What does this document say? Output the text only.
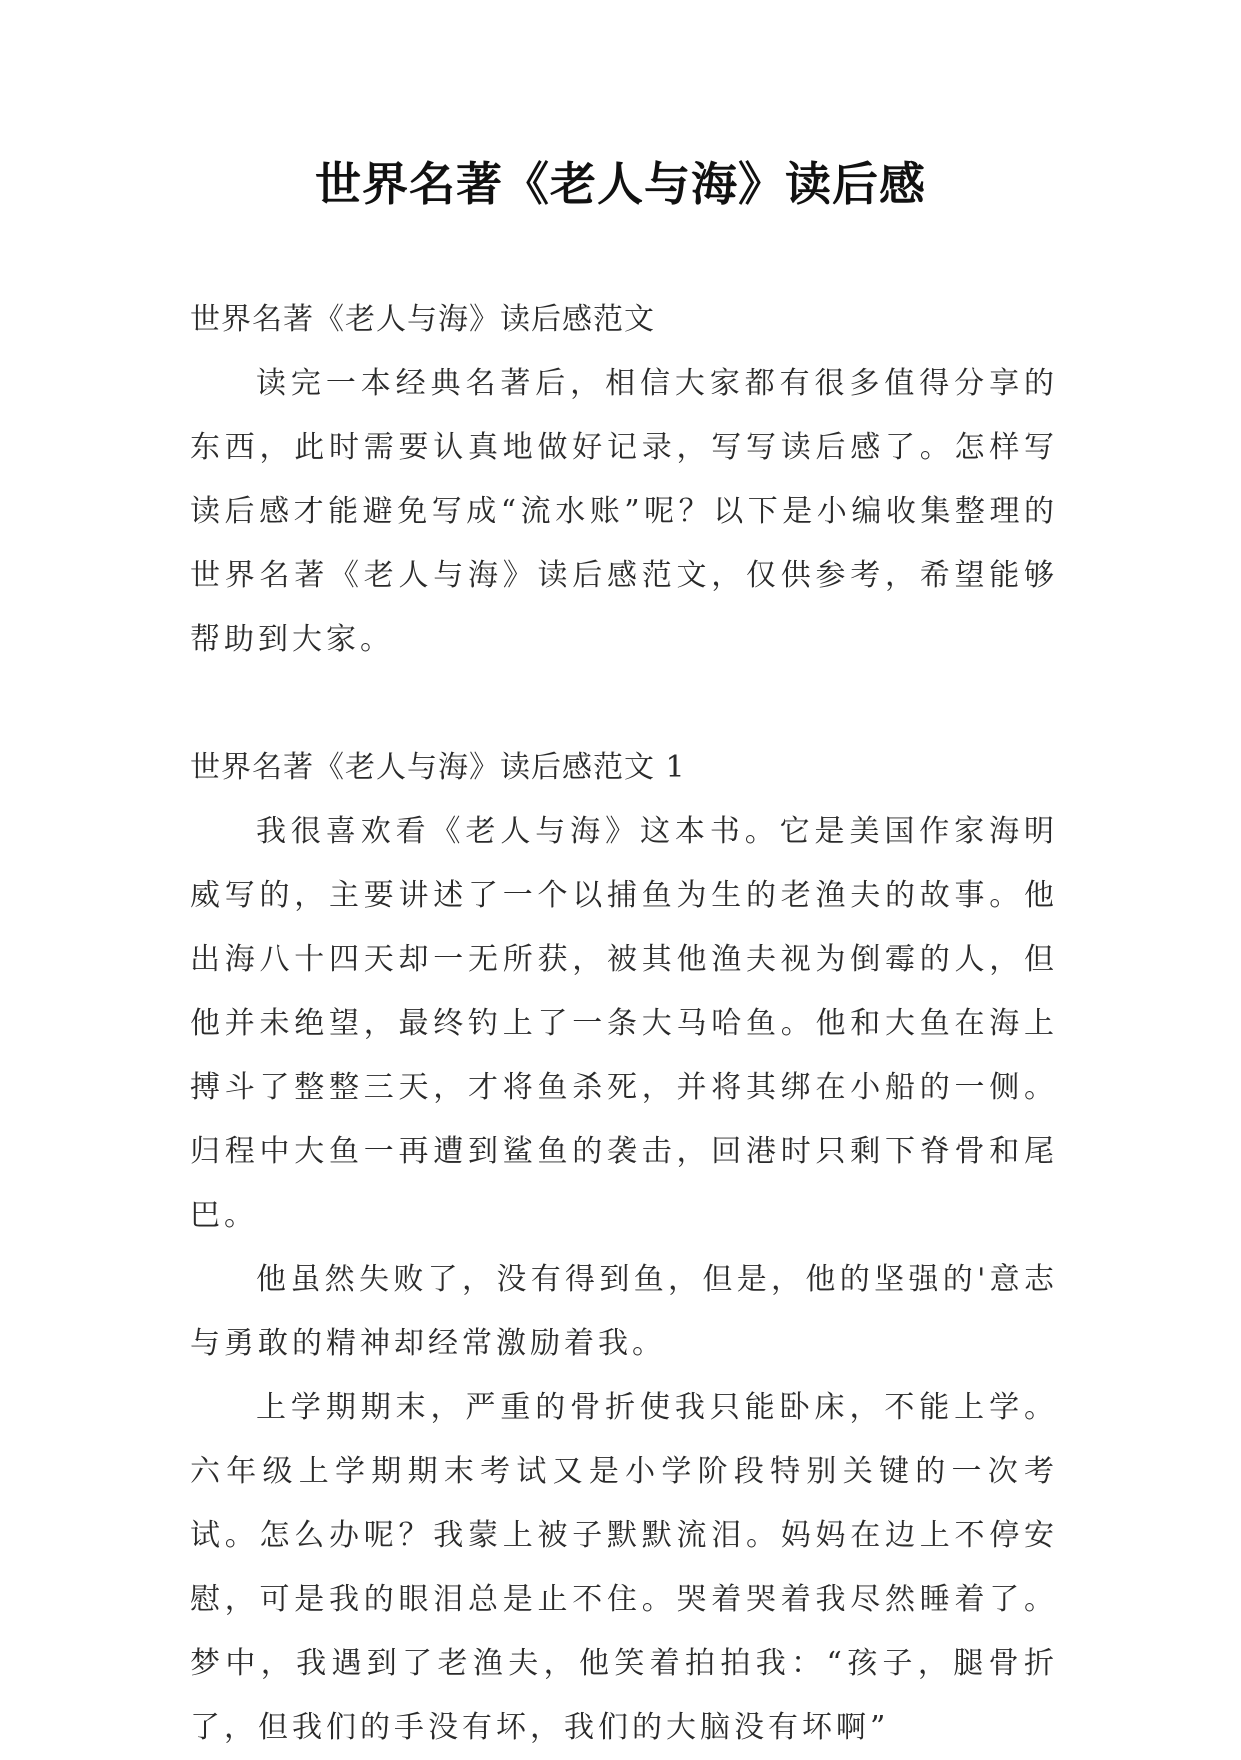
世界名著《老人与海》读后感

世界名著《老人与海》读后感范文

读完一本经典名著后，相信大家都有很多值得分享的东西，此时需要认真地做好记录，写写读后感了。怎样写读后感才能避免写成“流水账”呢？以下是小编收集整理的世界名著《老人与海》读后感范文，仅供参考，希望能够帮助到大家。

世界名著《老人与海》读后感范文 1

我很喜欢看《老人与海》这本书。它是美国作家海明威写的，主要讲述了一个以捕鱼为生的老渔夫的故事。他出海八十四天却一无所获，被其他渔夫视为倒霉的人，但他并未绝望，最终钓上了一条大马哈鱼。他和大鱼在海上搏斗了整整三天，才将鱼杀死，并将其绑在小船的一侧。归程中大鱼一再遭到鲨鱼的袭击，回港时只剩下脊骨和尾巴。

他虽然失败了，没有得到鱼，但是，他的坚强的'意志与勇敢的精神却经常激励着我。

上学期期末，严重的骨折使我只能卧床，不能上学。六年级上学期期末考试又是小学阶段特别关键的一次考试。怎么办呢？我蒙上被子默默流泪。妈妈在边上不停安慰，可是我的眼泪总是止不住。哭着哭着我尽然睡着了。梦中，我遇到了老渔夫，他笑着拍拍我：“孩子，腿骨折了，但我们的手没有坏，我们的大脑没有坏啊”
